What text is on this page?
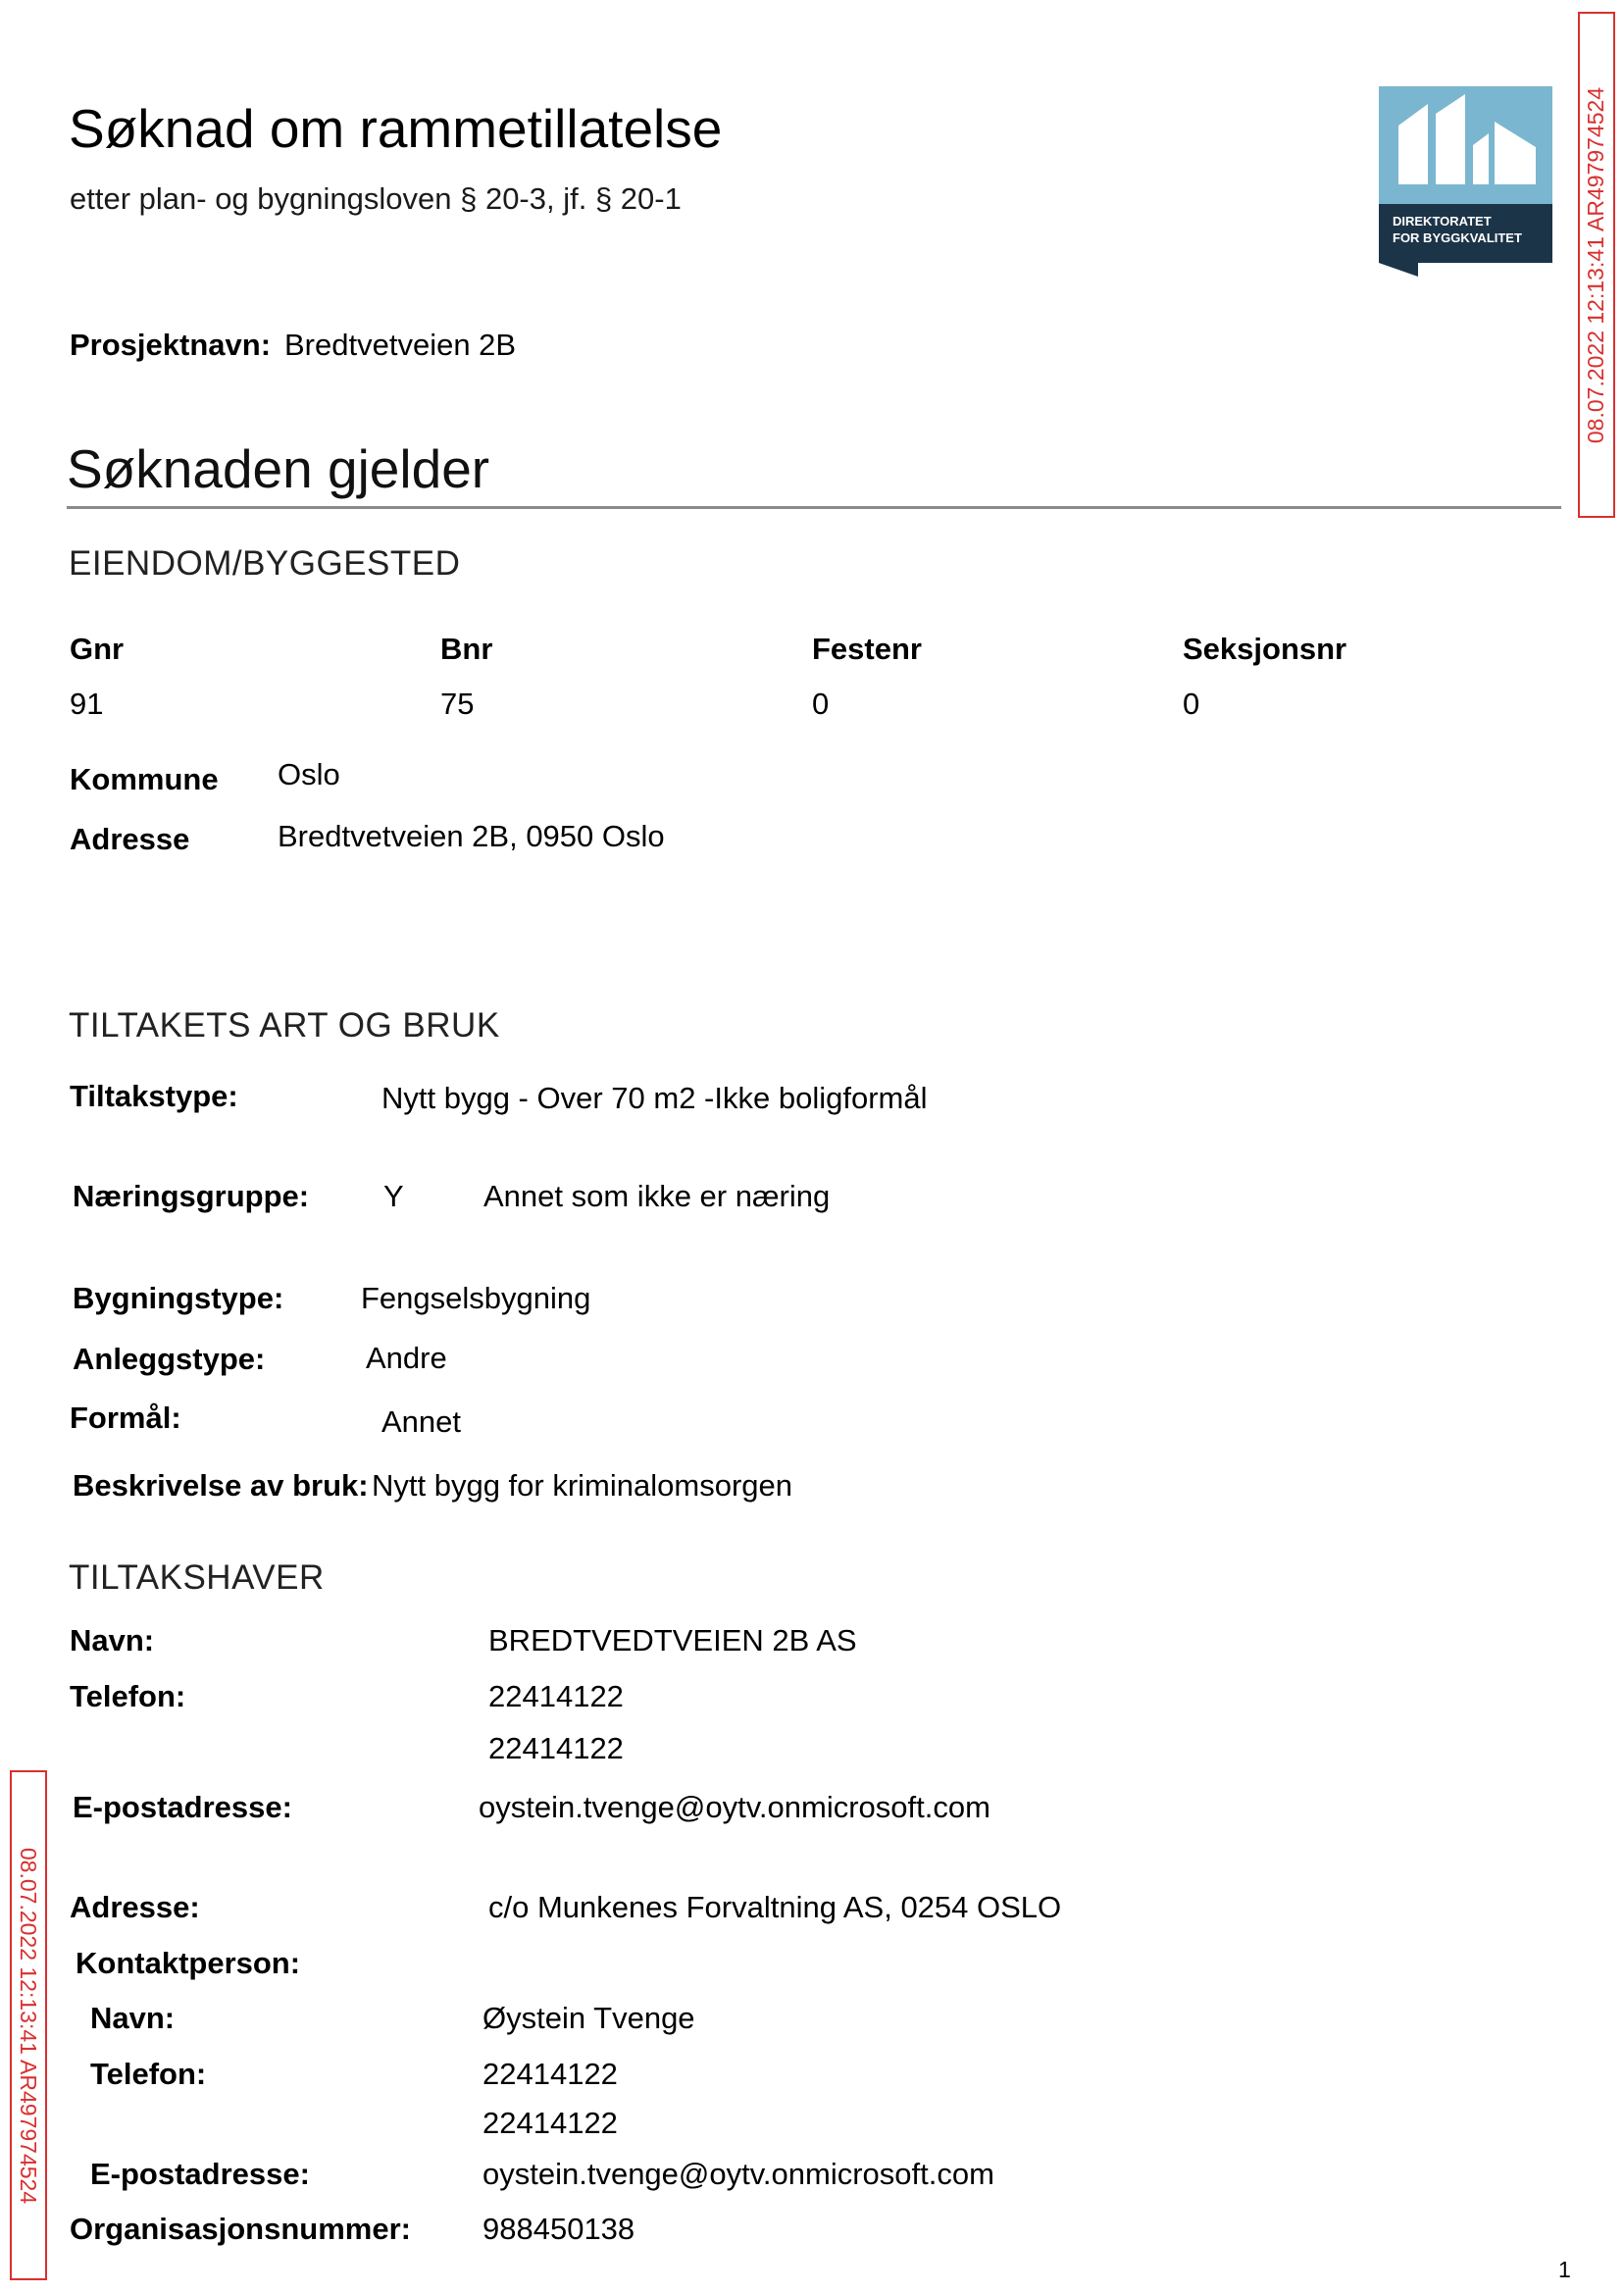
Søknad om rammetillatelse
etter plan- og bygningsloven § 20-3, jf. § 20-1
DIREKTORATET
FOR BYGGKVALITET	08.07.2022 12:13:41 AR497974524
08.07.2022 12:13:41 AR497974524
Prosjektnavn: Bredtvetveien 2B
Søknaden gjelder
EIENDOM/BYGGESTED
Gnr	Bnr	Festenr	Seksjonsnr
91	75	0	0
Kommune Oslo
Adresse	Bredtvetveien 2B, 0950 Oslo
TILTAKETS ART OG BRUK
Tiltakstype:	Nytt bygg - Over 70 m2 -Ikke boligformål
Næringsgruppe: Y	Annet som ikke er næring
Bygningstype:	Fengselsbygning
Anleggstype:	Andre
Formål:	Annet
Beskrivelse av bruk: Nytt bygg for kriminalomsorgen
TILTAKSHAVER
Navn:	BREDTVEDTVEIEN 2B AS
Telefon:	22414122
22414122
E-postadresse:	oystein.tvenge@oytv.onmicrosoft.com
Adresse:	c/o Munkenes Forvaltning AS, 0254 OSLO
Kontaktperson:
Navn:	Øystein Tvenge
Telefon:	22414122
22414122
E-postadresse:	oystein.tvenge@oytv.onmicrosoft.com
Organisasjonsnummer: 988450138
1
